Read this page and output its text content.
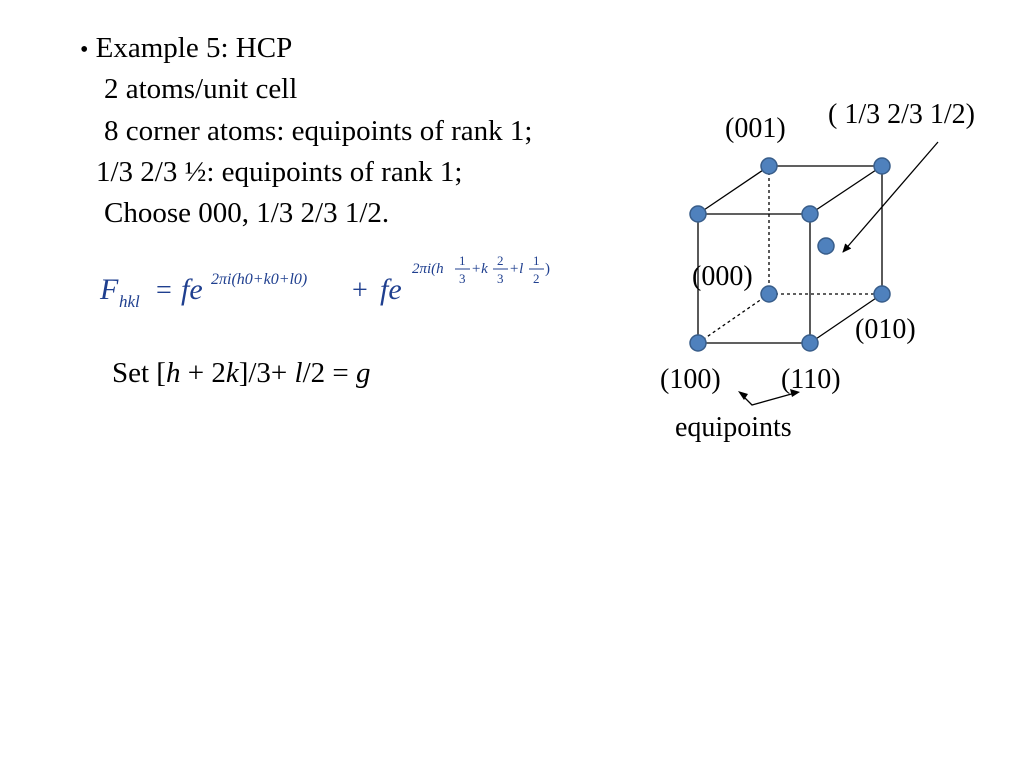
• Example 5: HCP
2 atoms/unit cell
8 corner atoms: equipoints of rank 1;
1/3 2/3 ½: equipoints of rank 1;
Choose 000, 1/3 2/3 1/2.
F hkl = fe 2πi(h0+k0+l0) + fe
2πi(h
1
3
+k
2
3
+l
1
2
)
Set [h + 2k]/3+ l/2 = g
(001) ( 1/3 2/3 1/2)
(000)
(010)
(100) (110)
equipoints
